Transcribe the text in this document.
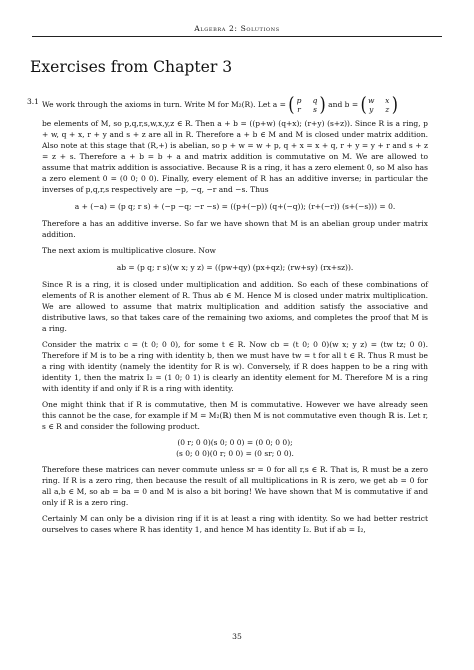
Algebra 2: Solutions
Exercises from Chapter 3
3.1 We work through the axioms in turn. Write M for M₂(R). Let a = ( p q
r	s ) and b = ( w	x
y	z )

be elements of M, so p,q,r,s,w,x,y,z ∈ R. Then a + b = ((p+w) (q+x); (r+y) (s+z)). Since R is a ring, p + w, q + x, r + y and s + z are all in R. Therefore a + b ∈ M and M is closed under matrix addition. Also note at this stage that (R,+) is abelian, so p + w = w + p, q + x = x + q, r + y = y + r and s + z = z + s. Therefore a + b = b + a and matrix addition is commutative on M. We are allowed to assume that matrix addition is associative. Because R is a ring, it has a zero element 0, so M also has a zero element 0 = (0 0; 0 0). Finally, every element of R has an additive inverse; in particular the inverses of p,q,r,s respectively are −p, −q, −r and −s. Thus

a + (−a) = (p q; r s) + (−p −q; −r −s) = ((p+(−p)) (q+(−q)); (r+(−r)) (s+(−s))) = 0.

Therefore a has an additive inverse. So far we have shown that M is an abelian group under matrix addition.

The next axiom is multiplicative closure. Now

ab = (p q; r s)(w x; y z) = ((pw+qy) (px+qz); (rw+sy) (rx+sz)).

Since R is a ring, it is closed under multiplication and addition. So each of these combinations of elements of R is another element of R. Thus ab ∈ M. Hence M is closed under matrix multiplication. We are allowed to assume that matrix multiplication and addition satisfy the associative and distributive laws, so that takes care of the remaining two axioms, and completes the proof that M is a ring.

Consider the matrix c = (t 0; 0 0), for some t ∈ R. Now cb = (t 0; 0 0)(w x; y z) = (tw tz; 0 0). Therefore if M is to be a ring with identity b, then we must have tw = t for all t ∈ R. Thus R must be a ring with identity (namely the identity for R is w). Conversely, if R does happen to be a ring with identity 1, then the matrix I₂ = (1 0; 0 1) is clearly an identity element for M. Therefore M is a ring with identity if and only if R is a ring with identity.

One might think that if R is commutative, then M is commutative. However we have already seen this cannot be the case, for example if M = M₂(ℝ) then M is not commutative even though ℝ is. Let r, s ∈ R and consider the following product.

(0 r; 0 0)(s 0; 0 0) = (0 0; 0 0);

(s 0; 0 0)(0 r; 0 0) = (0 sr; 0 0).

Therefore these matrices can never commute unless sr = 0 for all r,s ∈ R. That is, R must be a zero ring. If R is a zero ring, then because the result of all multiplications in R is zero, we get ab = 0 for all a,b ∈ M, so ab = ba = 0 and M is also a bit boring! We have shown that M is commutative if and only if R is a zero ring.

Certainly M can only be a division ring if it is at least a ring with identity. So we had better restrict ourselves to cases where R has identity 1, and hence M has identity I₂. But if ab = I₂,

35
